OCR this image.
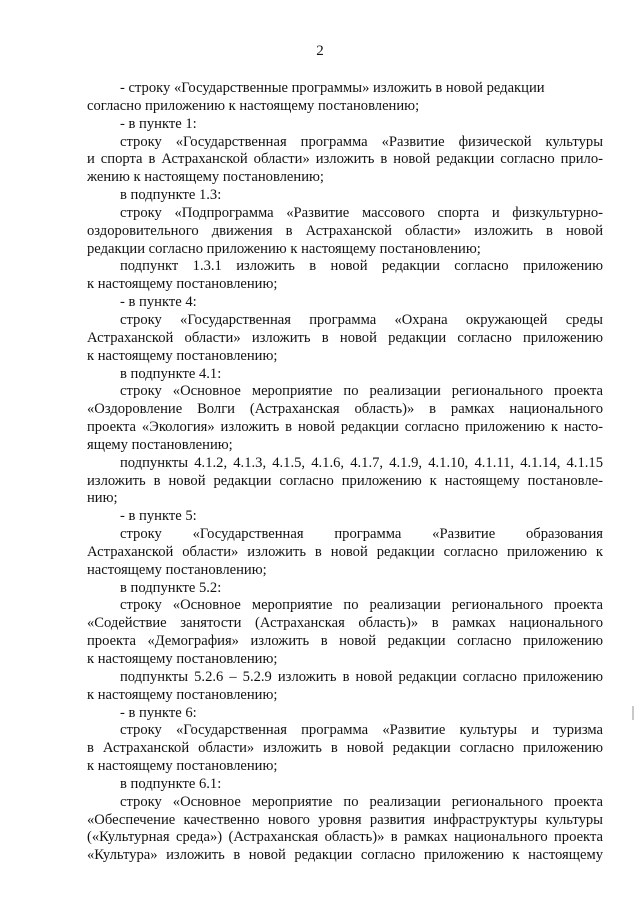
2
- строку «Государственные программы» изложить в новой редакции
согласно приложению к настоящему постановлению;
- в пункте 1:
строку «Государственная программа «Развитие физической культуры
и спорта в Астраханской области» изложить в новой редакции согласно прило-
жению к настоящему постановлению;
в подпункте 1.3:
строку «Подпрограмма «Развитие массового спорта и физкультурно-
оздоровительного движения в Астраханской области» изложить в новой
редакции согласно приложению к настоящему постановлению;
подпункт 1.3.1 изложить в новой редакции согласно приложению
к настоящему постановлению;
- в пункте 4:
строку «Государственная программа «Охрана окружающей среды
Астраханской области» изложить в новой редакции согласно приложению
к настоящему постановлению;
в подпункте 4.1:
строку «Основное мероприятие по реализации регионального проекта
«Оздоровление Волги (Астраханская область)» в рамках национального
проекта «Экология» изложить в новой редакции согласно приложению к насто-
ящему постановлению;
подпункты 4.1.2, 4.1.3, 4.1.5, 4.1.6, 4.1.7, 4.1.9, 4.1.10, 4.1.11, 4.1.14, 4.1.15
изложить в новой редакции согласно приложению к настоящему постановле-
нию;
- в пункте 5:
строку «Государственная программа «Развитие образования
Астраханской области» изложить в новой редакции согласно приложению к
настоящему постановлению;
в подпункте 5.2:
строку «Основное мероприятие по реализации регионального проекта
«Содействие занятости (Астраханская область)» в рамках национального
проекта «Демография» изложить в новой редакции согласно приложению
к настоящему постановлению;
подпункты 5.2.6 – 5.2.9 изложить в новой редакции согласно приложению
к настоящему постановлению;
- в пункте 6:
строку «Государственная программа «Развитие культуры и туризма
в Астраханской области» изложить в новой редакции согласно приложению
к настоящему постановлению;
в подпункте 6.1:
строку «Основное мероприятие по реализации регионального проекта
«Обеспечение качественно нового уровня развития инфраструктуры культуры
(«Культурная среда») (Астраханская область)» в рамках национального проекта
«Культура» изложить в новой редакции согласно приложению к настоящему
